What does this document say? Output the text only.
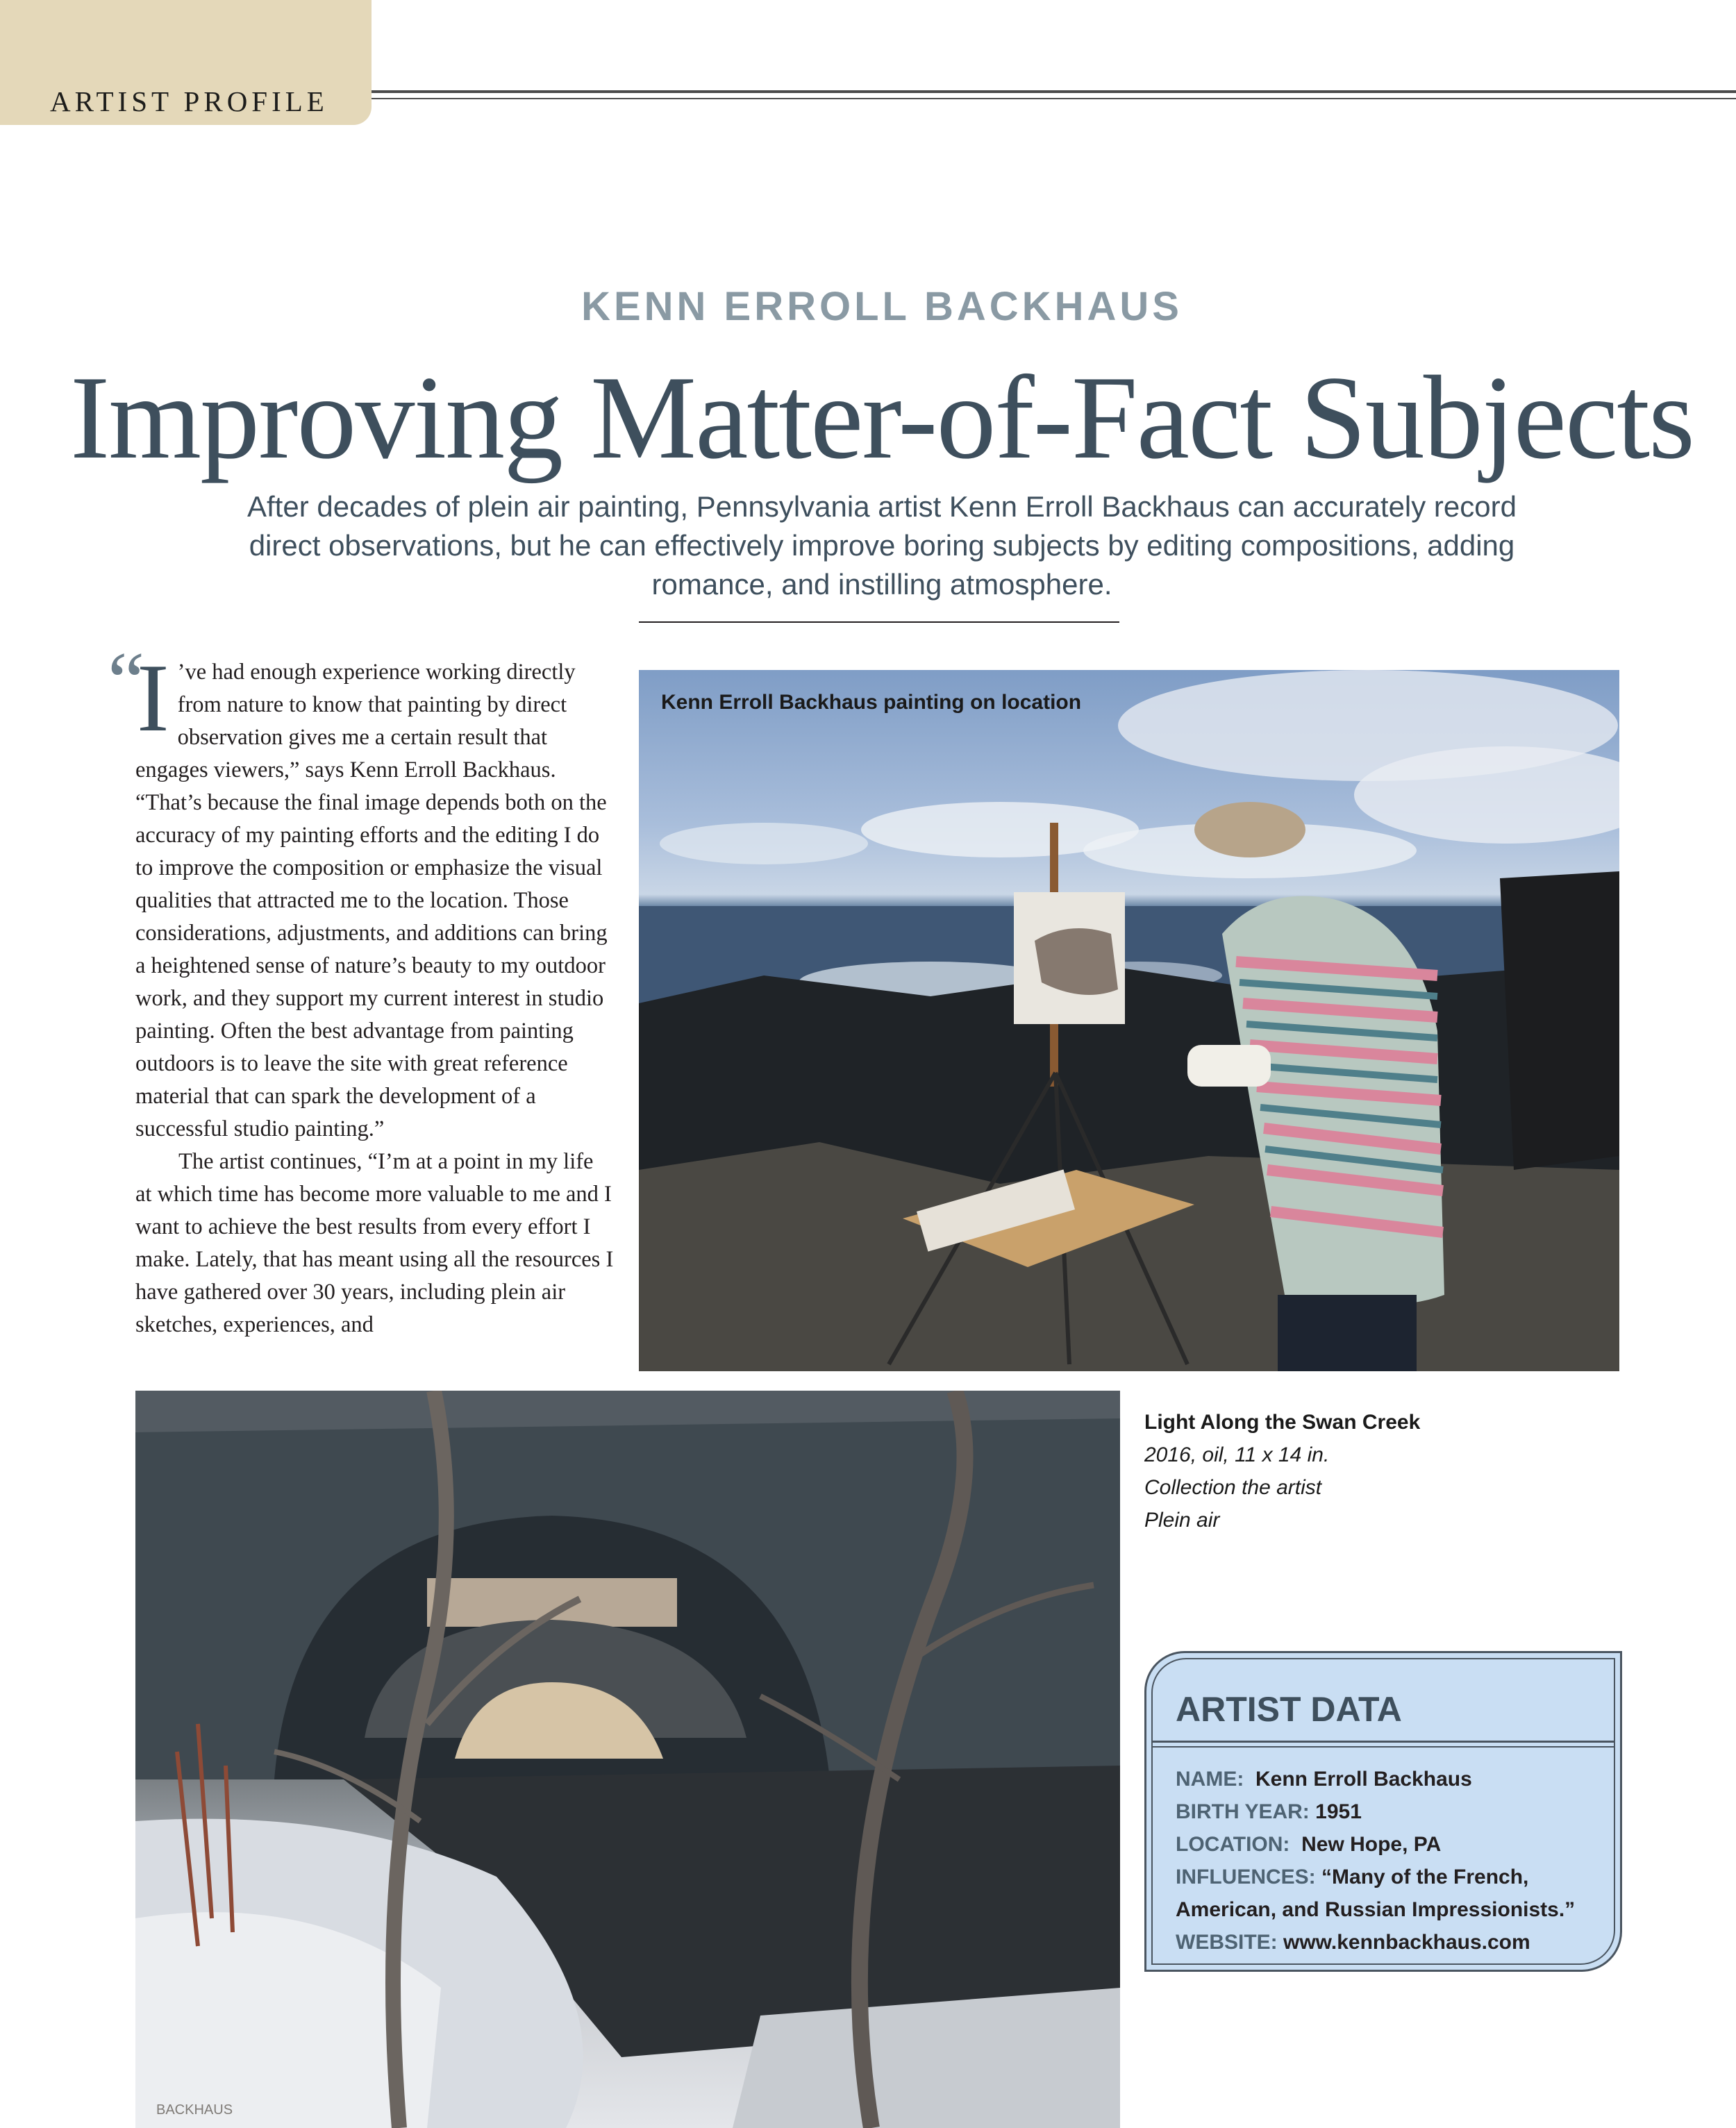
ARTIST PROFILE
KENN ERROLL BACKHAUS
Improving Matter-of-Fact Subjects
After decades of plein air painting, Pennsylvania artist Kenn Erroll Backhaus can accurately record direct observations, but he can effectively improve boring subjects by editing compositions, adding romance, and instilling atmosphere.
“

I ’ve had enough experience working directly from nature to know that painting by direct observation gives me a certain result that engages viewers,” says Kenn Erroll Backhaus. “That’s because the final image depends both on the accuracy of my painting efforts and the editing I do to improve the composition or emphasize the visual qualities that attracted me to the location. Those considerations, adjustments, and additions can bring a heightened sense of nature’s beauty to my outdoor work, and they support my current interest in studio painting. Often the best advantage from painting outdoors is to leave the site with great reference material that can spark the development of a successful studio painting.”

The artist continues, “I’m at a point in my life at which time has become more valuable to me and I want to achieve the best results from every effort I make. Lately, that has meant using all the resources I have gathered over 30 years, including plein air sketches, experiences, and

Kenn Erroll Backhaus painting on location
BACKHAUS
Light Along the Swan Creek
2016, oil, 11 x 14 in.
Collection the artist
Plein air
ARTIST DATA
NAME: Kenn Erroll Backhaus
BIRTH YEAR: 1951
LOCATION: New Hope, PA
INFLUENCES: “Many of the French, American, and Russian Impressionists.”
WEBSITE: www.kennbackhaus.com
